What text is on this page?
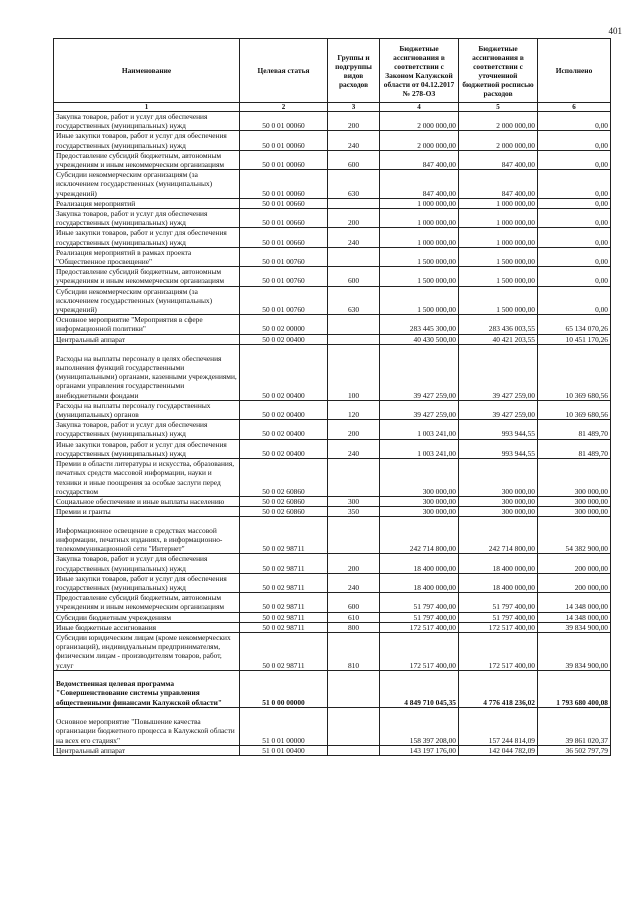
401
Наименование	Целевая статья	Группы и подгруппы видов расходов	Бюджетные ассигнования в соответствии с Законом Калужской области от 04.12.2017 № 278-ОЗ	Бюджетные ассигнования в соответствии с уточненной бюджетной росписью расходов	Исполнено
1	2	3	4	5	6
Закупка товаров, работ и услуг для обеспечения государственных (муниципальных) нужд	50 0 01 00060	200	2 000 000,00	2 000 000,00	0,00
Иные закупки товаров, работ и услуг для обеспечения государственных (муниципальных) нужд	50 0 01 00060	240	2 000 000,00	2 000 000,00	0,00
Предоставление субсидий бюджетным, автономным учреждениям и иным некоммерческим организациям	50 0 01 00060	600	847 400,00	847 400,00	0,00
Субсидии некоммерческим организациям (за исключением государственных (муниципальных) учреждений)	50 0 01 00060	630	847 400,00	847 400,00	0,00
Реализация мероприятий	50 0 01 00660		1 000 000,00	1 000 000,00	0,00
Закупка товаров, работ и услуг для обеспечения государственных (муниципальных) нужд	50 0 01 00660	200	1 000 000,00	1 000 000,00	0,00
Иные закупки товаров, работ и услуг для обеспечения государственных (муниципальных) нужд	50 0 01 00660	240	1 000 000,00	1 000 000,00	0,00
Реализация мероприятий в рамках проекта "Общественное просвещение"	50 0 01 00760		1 500 000,00	1 500 000,00	0,00
Предоставление субсидий бюджетным, автономным учреждениям и иным некоммерческим организациям	50 0 01 00760	600	1 500 000,00	1 500 000,00	0,00
Субсидии некоммерческим организациям (за исключением государственных (муниципальных) учреждений)	50 0 01 00760	630	1 500 000,00	1 500 000,00	0,00
Основное мероприятие "Мероприятия в сфере информационной политики"	50 0 02 00000		283 445 300,00	283 436 003,55	65 134 070,26
Центральный аппарат	50 0 02 00400		40 430 500,00	40 421 203,55	10 451 170,26
Расходы на выплаты персоналу в целях обеспечения выполнения функций государственными (муниципальными) органами, казенными учреждениями, органами управления государственными внебюджетными фондами	50 0 02 00400	100	39 427 259,00	39 427 259,00	10 369 680,56
Расходы на выплаты персоналу государственных (муниципальных) органов	50 0 02 00400	120	39 427 259,00	39 427 259,00	10 369 680,56
Закупка товаров, работ и услуг для обеспечения государственных (муниципальных) нужд	50 0 02 00400	200	1 003 241,00	993 944,55	81 489,70
Иные закупки товаров, работ и услуг для обеспечения государственных (муниципальных) нужд	50 0 02 00400	240	1 003 241,00	993 944,55	81 489,70
Премии в области литературы и искусства, образования, печатных средств массовой информации, науки и техники и иные поощрения за особые заслуги перед государством	50 0 02 60860		300 000,00	300 000,00	300 000,00
Социальное обеспечение и иные выплаты населению	50 0 02 60860	300	300 000,00	300 000,00	300 000,00
Премии и гранты	50 0 02 60860	350	300 000,00	300 000,00	300 000,00
Информационное освещение в средствах массовой информации, печатных изданиях, в информационно-телекоммуникационной сети "Интернет"	50 0 02 98711		242 714 800,00	242 714 800,00	54 382 900,00
Закупка товаров, работ и услуг для обеспечения государственных (муниципальных) нужд	50 0 02 98711	200	18 400 000,00	18 400 000,00	200 000,00
Иные закупки товаров, работ и услуг для обеспечения государственных (муниципальных) нужд	50 0 02 98711	240	18 400 000,00	18 400 000,00	200 000,00
Предоставление субсидий бюджетным, автономным учреждениям и иным некоммерческим организациям	50 0 02 98711	600	51 797 400,00	51 797 400,00	14 348 000,00
Субсидии бюджетным учреждениям	50 0 02 98711	610	51 797 400,00	51 797 400,00	14 348 000,00
Иные бюджетные ассигнования	50 0 02 98711	800	172 517 400,00	172 517 400,00	39 834 900,00
Субсидии юридическим лицам (кроме некоммерческих организаций), индивидуальным предпринимателям, физическим лицам - производителям товаров, работ, услуг	50 0 02 98711	810	172 517 400,00	172 517 400,00	39 834 900,00
Ведомственная целевая программа "Совершенствование системы управления общественными финансами Калужской области"	51 0 00 00000		4 849 710 045,35	4 776 418 236,02	1 793 680 400,08
Основное мероприятие "Повышение качества организации бюджетного процесса в Калужской области на всех его стадиях"	51 0 01 00000		158 397 208,00	157 244 814,09	39 861 020,37
Центральный аппарат	51 0 01 00400		143 197 176,00	142 044 782,09	36 502 797,79
